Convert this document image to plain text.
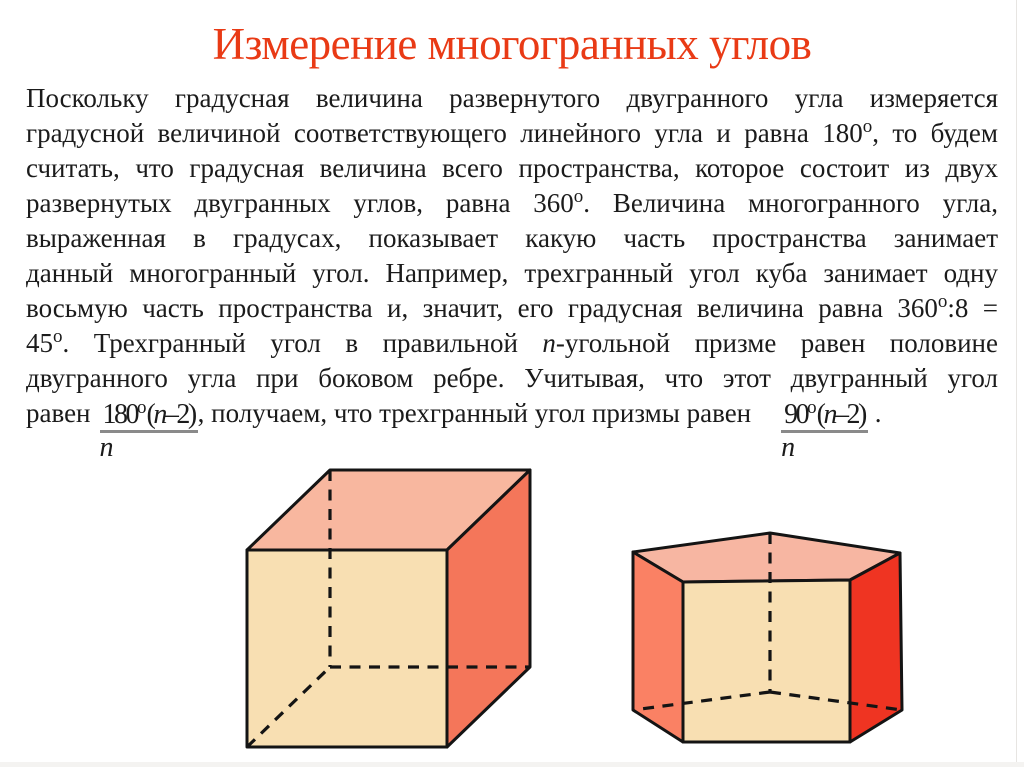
Измерение многогранных углов
Поскольку градусная величина развернутого двугранного угла измеряется
градусной величиной соответствующего линейного угла и равна $180^о$, то будем
считать, что градусная величина всего пространства, которое состоит из двух
развернутых двугранных углов, равна $360^о$. Величина многогранного угла,
выраженная в градусах, показывает какую часть пространства занимает
данный многогранный угол. Например, трехгранный угол куба занимает одну
восьмую часть пространства и, значит, его градусная величина равна $360^о:8$ =
$45^о$. Трехгранный угол в правильной n-угольной призме равен половине
двугранного угла при боковом ребре. Учитывая, что этот двугранный угол
равен $\frac{180^о(n-2)}{n}$ , получаем, что трехгранный угол призмы равен $\frac{90^о(n-2)}{n}$ .
